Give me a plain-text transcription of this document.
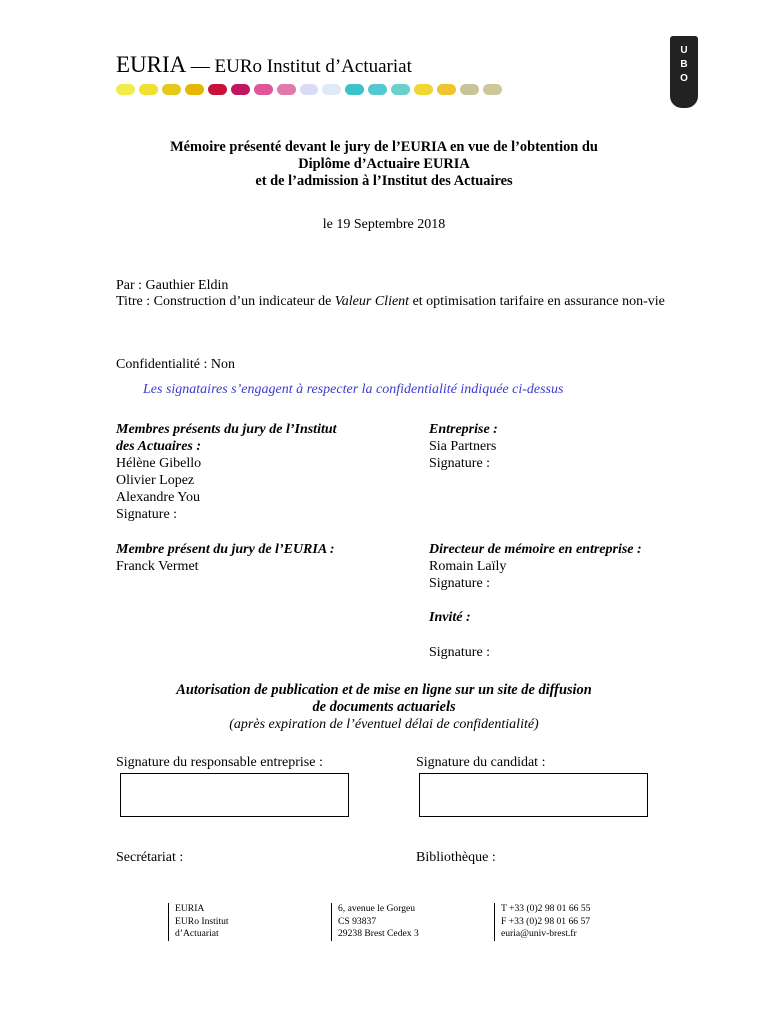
EURIA — EURo Institut d’Actuariat
U
B
O
Mémoire présenté devant le jury de l’EURIA en vue de l’obtention du
Diplôme d’Actuaire EURIA
et de l’admission à l’Institut des Actuaires
le 19 Septembre 2018
Par : Gauthier Eldin
Titre : Construction d’un indicateur de Valeur Client et optimisation tarifaire en assurance non-vie
Confidentialité : Non
Les signataires s’engagent à respecter la confidentialité indiquée ci-dessus
Membres présents du jury de l’Institut
des Actuaires :
Hélène Gibello
Olivier Lopez
Alexandre You
Signature :
Entreprise :
Sia Partners
Signature :
Membre présent du jury de l’EURIA :
Franck Vermet
Directeur de mémoire en entreprise :
Romain Laïly
Signature :
Invité :
Signature :
Autorisation de publication et de mise en ligne sur un site de diffusion
de documents actuariels
(après expiration de l’éventuel délai de confidentialité)
Signature du responsable entreprise :	Signature du candidat :
Secrétariat :	Bibliothèque :
EURIA
EURo Institut
d’Actuariat
6, avenue le Gorgeu
CS 93837
29238 Brest Cedex 3
T +33 (0)2 98 01 66 55
F +33 (0)2 98 01 66 57
euria@univ-brest.fr
